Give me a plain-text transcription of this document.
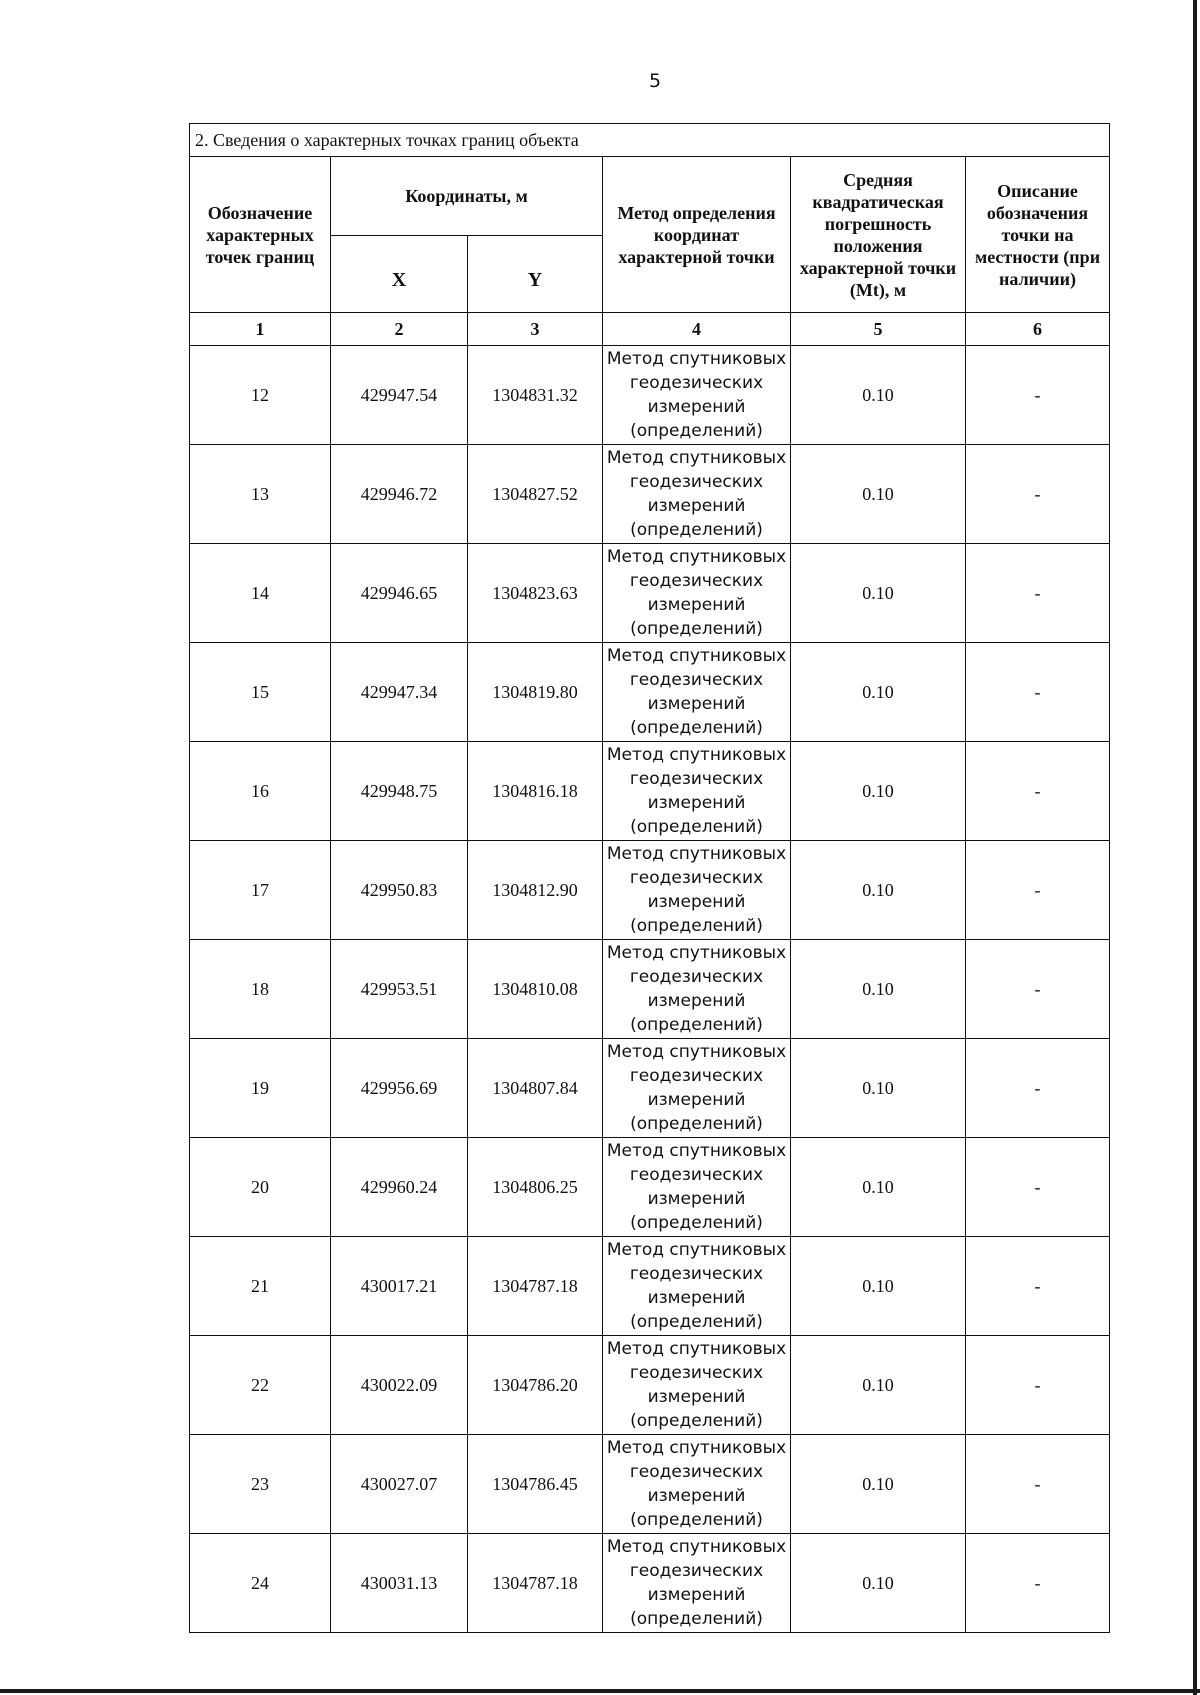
5
2. Сведения о характерных точках границ объекта					
Обозначение характерных точек границ	Координаты, м		Метод определения координат характерной точки	Средняя квадратическая погрешность положения характерной точки (Mt), м	Описание обозначения точки на местности (при наличии)
	X	Y			
1	2	3	4	5	6
12	429947.54	1304831.32	Метод спутниковых геодезических измерений (определений)	0.10	-
13	429946.72	1304827.52	Метод спутниковых геодезических измерений (определений)	0.10	-
14	429946.65	1304823.63	Метод спутниковых геодезических измерений (определений)	0.10	-
15	429947.34	1304819.80	Метод спутниковых геодезических измерений (определений)	0.10	-
16	429948.75	1304816.18	Метод спутниковых геодезических измерений (определений)	0.10	-
17	429950.83	1304812.90	Метод спутниковых геодезических измерений (определений)	0.10	-
18	429953.51	1304810.08	Метод спутниковых геодезических измерений (определений)	0.10	-
19	429956.69	1304807.84	Метод спутниковых геодезических измерений (определений)	0.10	-
20	429960.24	1304806.25	Метод спутниковых геодезических измерений (определений)	0.10	-
21	430017.21	1304787.18	Метод спутниковых геодезических измерений (определений)	0.10	-
22	430022.09	1304786.20	Метод спутниковых геодезических измерений (определений)	0.10	-
23	430027.07	1304786.45	Метод спутниковых геодезических измерений (определений)	0.10	-
24	430031.13	1304787.18	Метод спутниковых геодезических измерений (определений)	0.10	-
